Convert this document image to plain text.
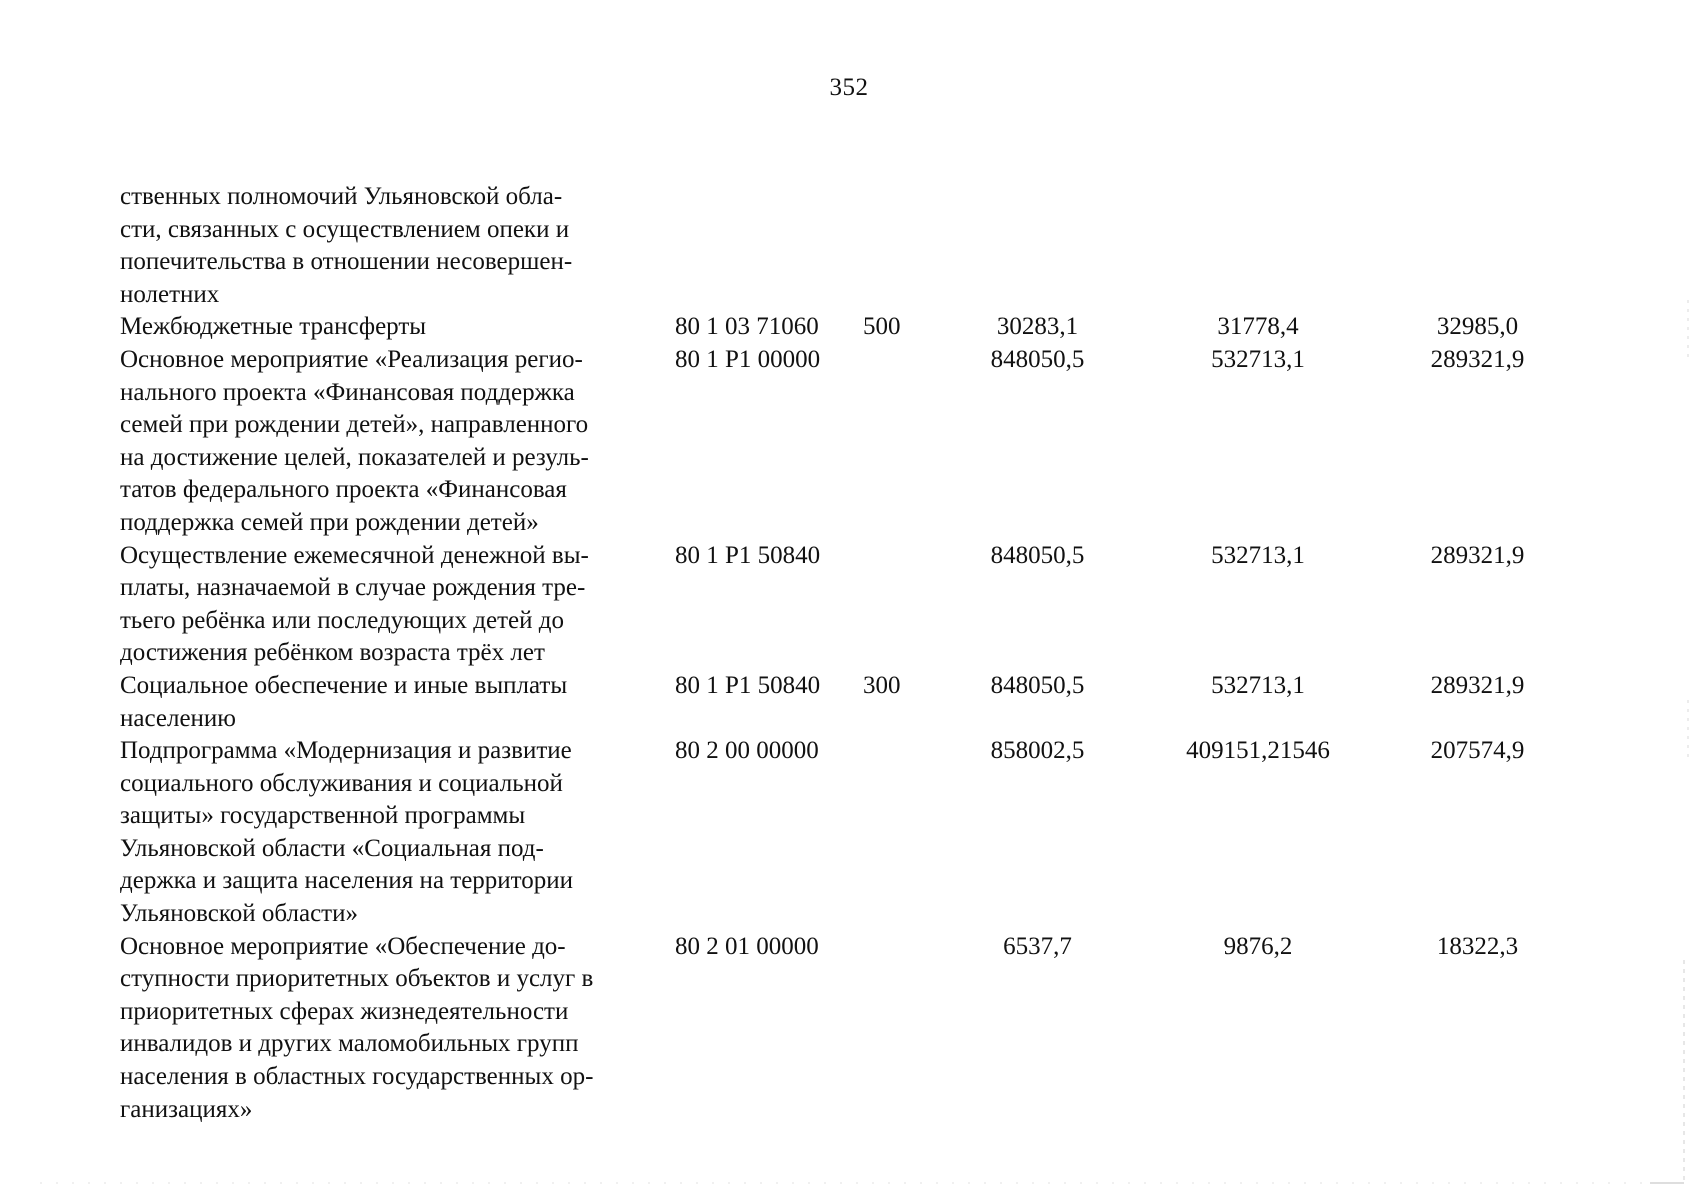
352
ственных полномочий Ульяновской обла-
сти, связанных с осуществлением опеки и
попечительства в отношении несовершен-
нолетних
Межбюджетные трансферты	80 1 03 71060 500	30283,1	31778,4	32985,0
Основное мероприятие «Реализация регио-
нального проекта «Финансовая поддержка
семей при рождении детей», направленного
на достижение целей, показателей и резуль-
татов федерального проекта «Финансовая
поддержка семей при рождении детей»
80 1 Р1 00000	848050,5	532713,1	289321,9
Осуществление ежемесячной денежной вы-
платы, назначаемой в случае рождения тре-
тьего ребёнка или последующих детей до
достижения ребёнком возраста трёх лет
80 1 Р1 50840	848050,5	532713,1	289321,9
Социальное обеспечение и иные выплаты
населению
80 1 Р1 50840 300	848050,5	532713,1	289321,9
Подпрограмма «Модернизация и развитие
социального обслуживания и социальной
защиты» государственной программы
Ульяновской области «Социальная под-
держка и защита населения на территории
Ульяновской области»
80 2 00 00000	858002,5	409151,21546	207574,9
Основное мероприятие «Обеспечение до-
ступности приоритетных объектов и услуг в
приоритетных сферах жизнедеятельности
инвалидов и других маломобильных групп
населения в областных государственных ор-
ганизациях»
80 2 01 00000	6537,7	9876,2	18322,3
